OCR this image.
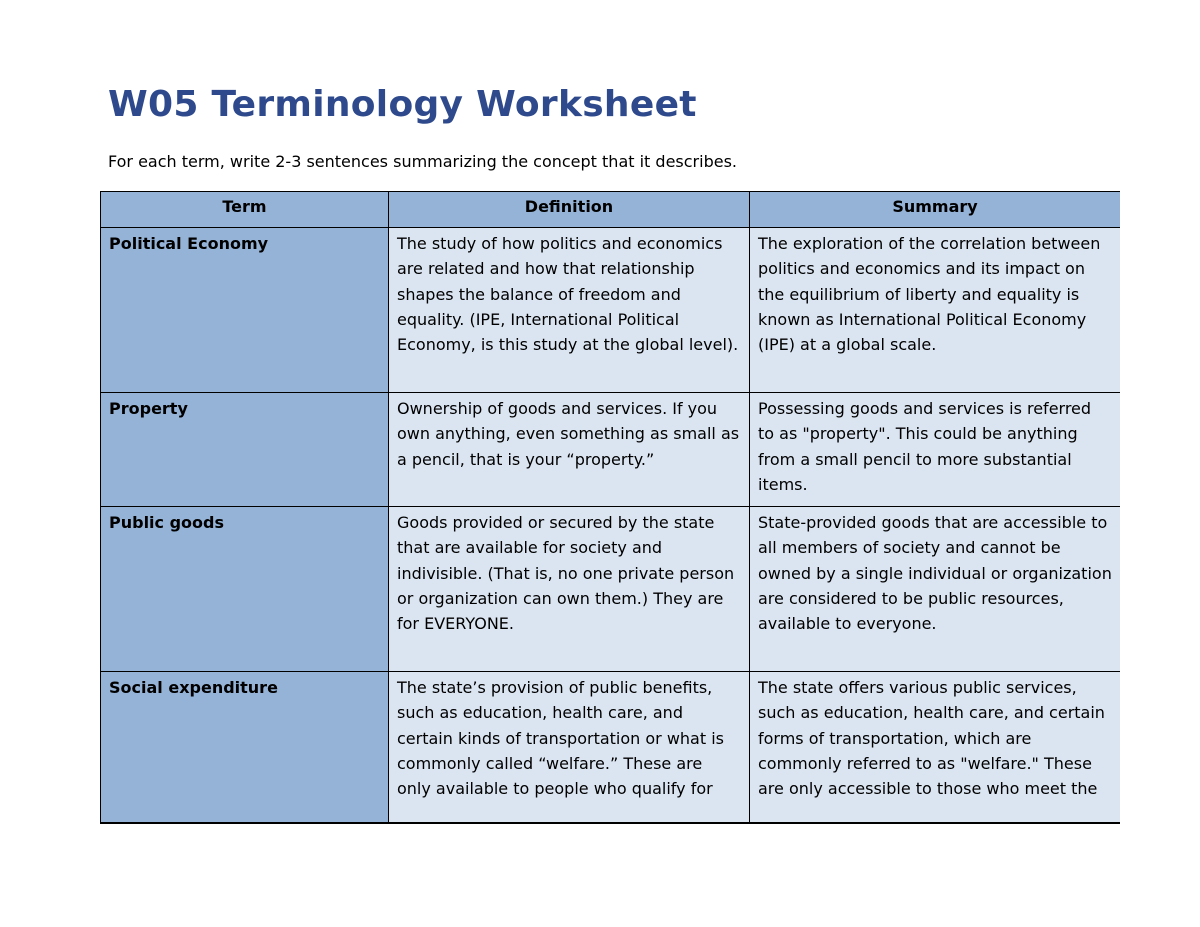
W05 Terminology Worksheet

For each term, write 2-3 sentences summarizing the concept that it describes.

Term	Definition	Summary
Political Economy	The study of how politics and economics are related and how that relationship shapes the balance of freedom and equality. (IPE, International Political Economy, is this study at the global level).	The exploration of the correlation between politics and economics and its impact on the equilibrium of liberty and equality is known as International Political Economy (IPE) at a global scale.
Property	Ownership of goods and services. If you own anything, even something as small as a pencil, that is your “property.”	Possessing goods and services is referred to as "property". This could be anything from a small pencil to more substantial items.
Public goods	Goods provided or secured by the state that are available for society and indivisible. (That is, no one private person or organization can own them.) They are for EVERYONE.	State-provided goods that are accessible to all members of society and cannot be owned by a single individual or organization are considered to be public resources, available to everyone.
Social expenditure	The state’s provision of public benefits, such as education, health care, and certain kinds of transportation or what is commonly called “welfare.” These are only available to people who qualify for	The state offers various public services, such as education, health care, and certain forms of transportation, which are commonly referred to as "welfare." These are only accessible to those who meet the
